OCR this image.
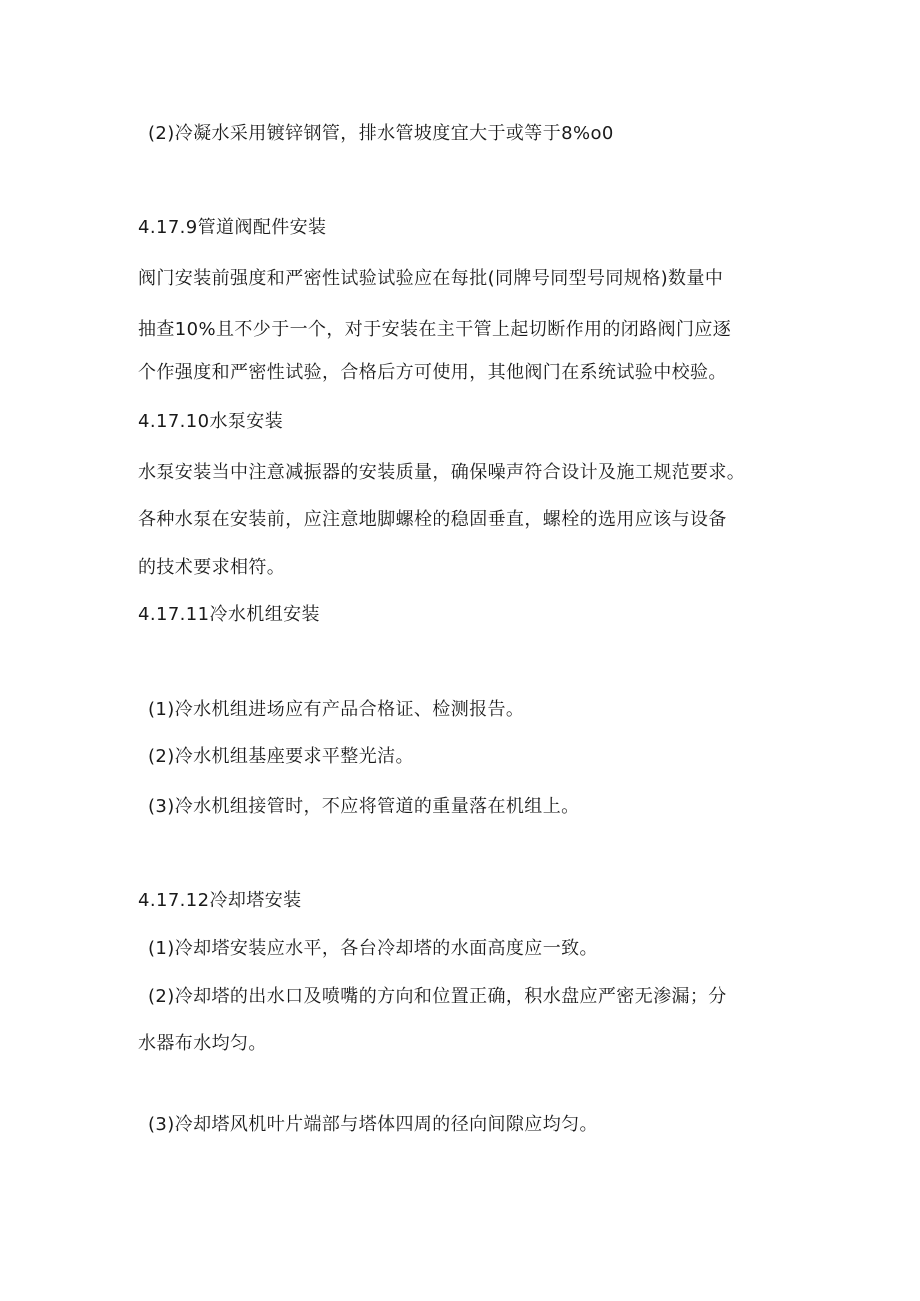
(2)冷凝水采用镀锌钢管，排水管坡度宜大于或等于8%o0
4.17.9管道阀配件安装
阀门安装前强度和严密性试验试验应在每批(同牌号同型号同规格)数量中
抽查10%且不少于一个，对于安装在主干管上起切断作用的闭路阀门应逐
个作强度和严密性试验，合格后方可使用，其他阀门在系统试验中校验。
4.17.10水泵安装
水泵安装当中注意减振器的安装质量，确保噪声符合设计及施工规范要求。
各种水泵在安装前，应注意地脚螺栓的稳固垂直，螺栓的选用应该与设备
的技术要求相符。
4.17.11冷水机组安装
(1)冷水机组进场应有产品合格证、检测报告。
(2)冷水机组基座要求平整光洁。
(3)冷水机组接管时，不应将管道的重量落在机组上。
4.17.12冷却塔安装
(1)冷却塔安装应水平，各台冷却塔的水面高度应一致。
(2)冷却塔的出水口及喷嘴的方向和位置正确，积水盘应严密无渗漏；分
水器布水均匀。
(3)冷却塔风机叶片端部与塔体四周的径向间隙应均匀。
